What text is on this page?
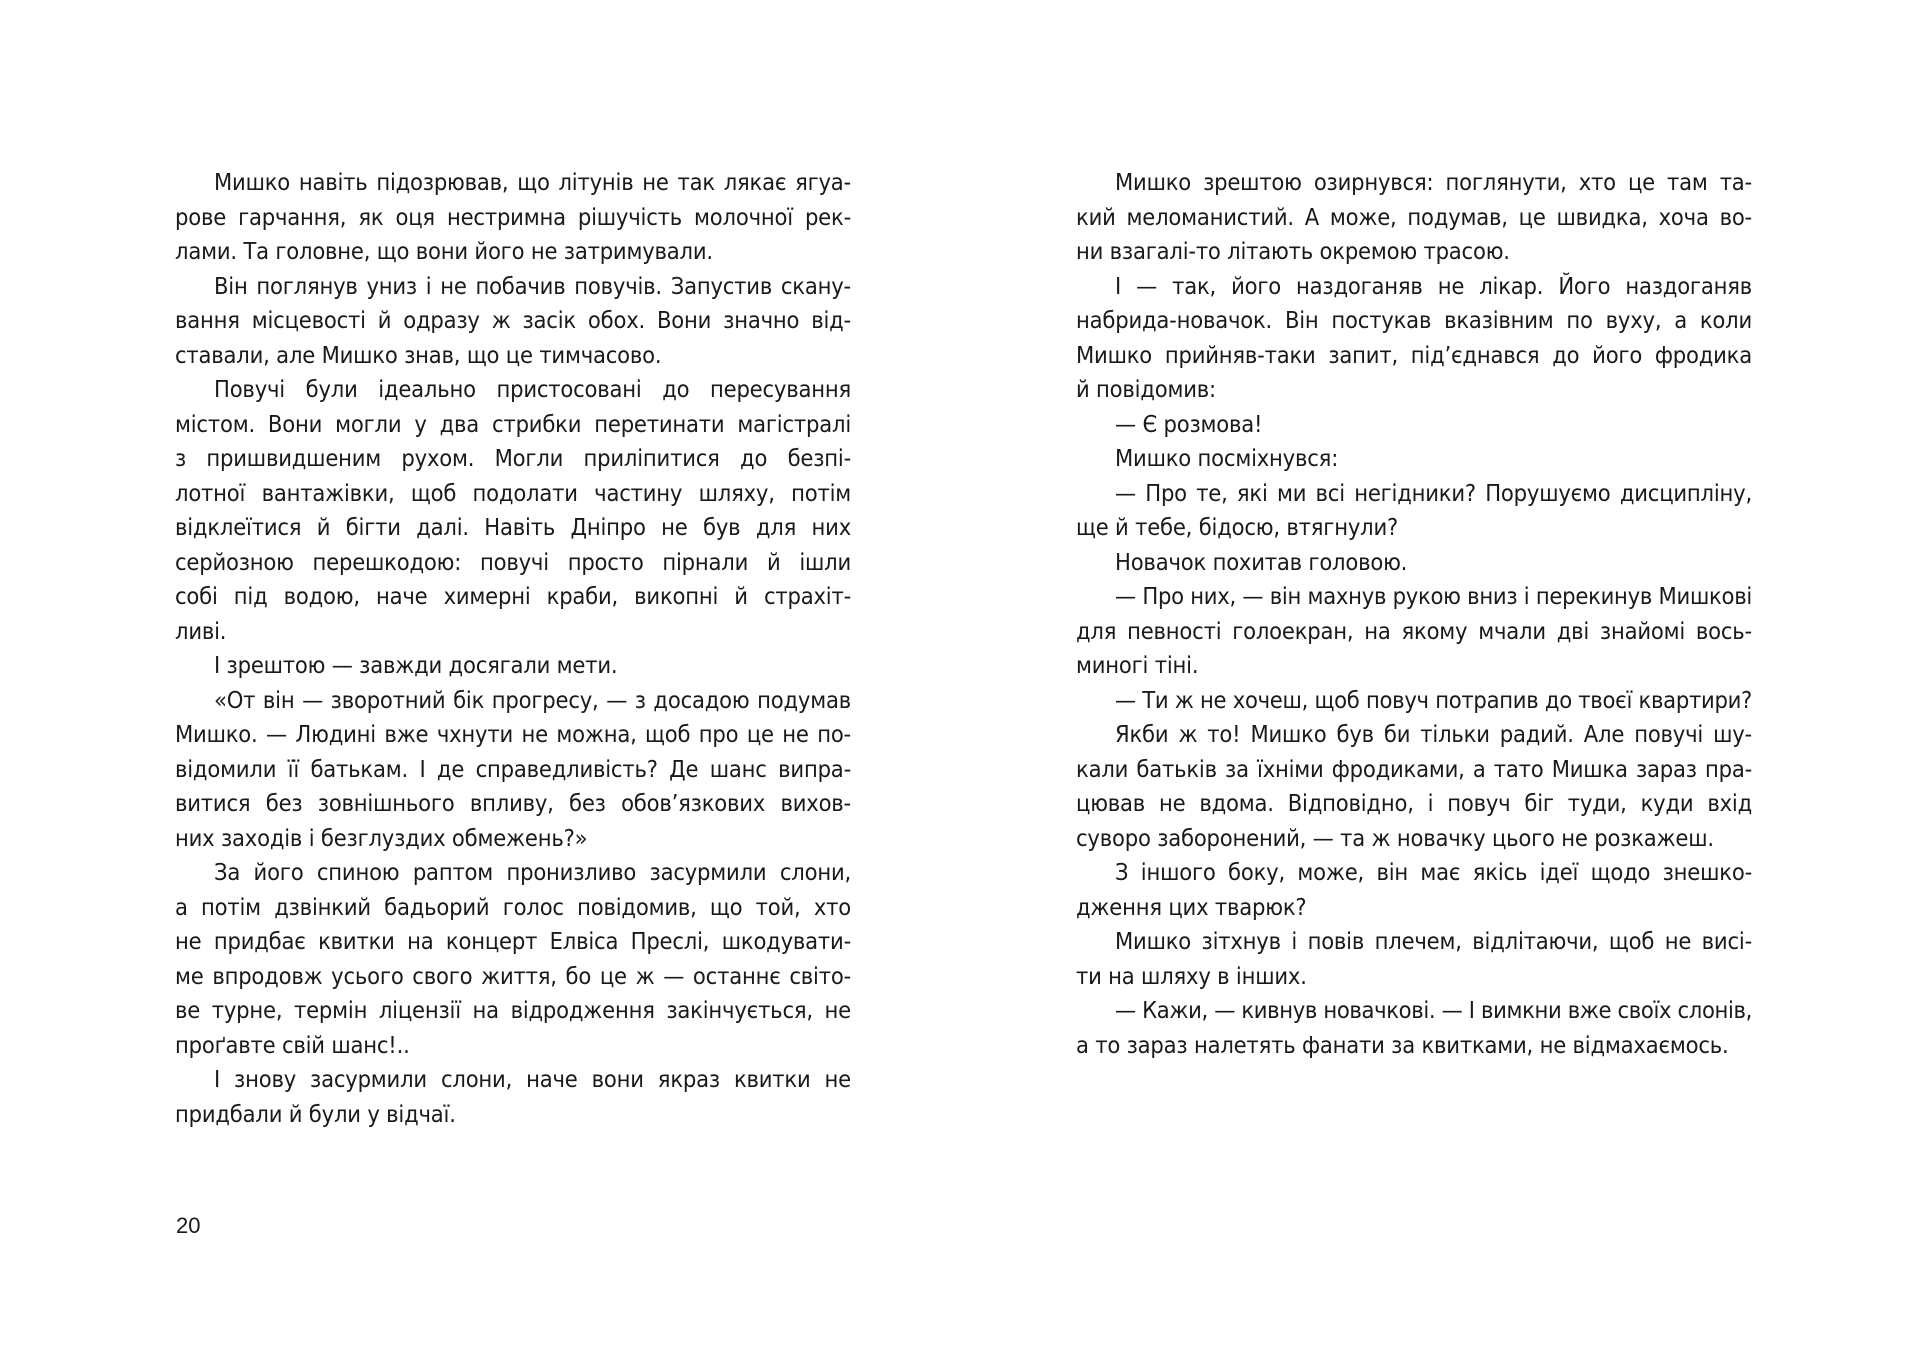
Мишко навіть підозрював, що літунів не так лякає ягуа-
рове гарчання, як оця нестримна рішучість молочної рек-
лами. Та головне, що вони його не затримували.
Він поглянув униз і не побачив повучів. Запустив скану-
вання місцевості й одразу ж засік обох. Вони значно від-
ставали, але Мишко знав, що це тимчасово.
Повучі були ідеально пристосовані до пересування
містом. Вони могли у два стрибки перетинати магістралі
з пришвидшеним рухом. Могли приліпитися до безпі-
лотної вантажівки, щоб подолати частину шляху, потім
відклеїтися й бігти далі. Навіть Дніпро не був для них
серйозною перешкодою: повучі просто пірнали й ішли
собі під водою, наче химерні краби, викопні й страхіт-
ливі.
І зрештою — завжди досягали мети.
«От він — зворотний бік прогресу, — з досадою подумав
Мишко. — Людині вже чхнути не можна, щоб про це не по-
відомили її батькам. І де справедливість? Де шанс випра-
витися без зовнішнього впливу, без обов’язкових вихов-
них заходів і безглуздих обмежень?»
За його спиною раптом пронизливо засурмили слони,
а потім дзвінкий бадьорий голос повідомив, що той, хто
не придбає квитки на концерт Елвіса Преслі, шкодувати-
ме впродовж усього свого життя, бо це ж — останнє світо-
ве турне, термін ліцензії на відродження закінчується, не
проґавте свій шанс!..
І знову засурмили слони, наче вони якраз квитки не
придбали й були у відчаї.
20
Мишко зрештою озирнувся: поглянути, хто це там та-
кий меломанистий. А може, подумав, це швидка, хоча во-
ни взагалі-то літають окремою трасою.
І — так, його наздоганяв не лікар. Його наздоганяв
набрида-новачок. Він постукав вказівним по вуху, а коли
Мишко прийняв-таки запит, під’єднався до його фродика
й повідомив:
— Є розмова!
Мишко посміхнувся:
— Про те, які ми всі негідники? Порушуємо дисципліну,
ще й тебе, бідосю, втягнули?
Новачок похитав головою.
— Про них, — він махнув рукою вниз і перекинув Мишкові
для певності голоекран, на якому мчали дві знайомі вось-
миногі тіні.
— Ти ж не хочеш, щоб повуч потрапив до твоєї квартири?
Якби ж то! Мишко був би тільки радий. Але повучі шу-
кали батьків за їхніми фродиками, а тато Мишка зараз пра-
цював не вдома. Відповідно, і повуч біг туди, куди вхід
суворо заборонений, — та ж новачку цього не розкажеш.
З іншого боку, може, він має якісь ідеї щодо знешко-
дження цих тварюк?
Мишко зітхнув і повів плечем, відлітаючи, щоб не висі-
ти на шляху в інших.
— Кажи, — кивнув новачкові. — І вимкни вже своїх слонів,
а то зараз налетять фанати за квитками, не відмахаємось.
